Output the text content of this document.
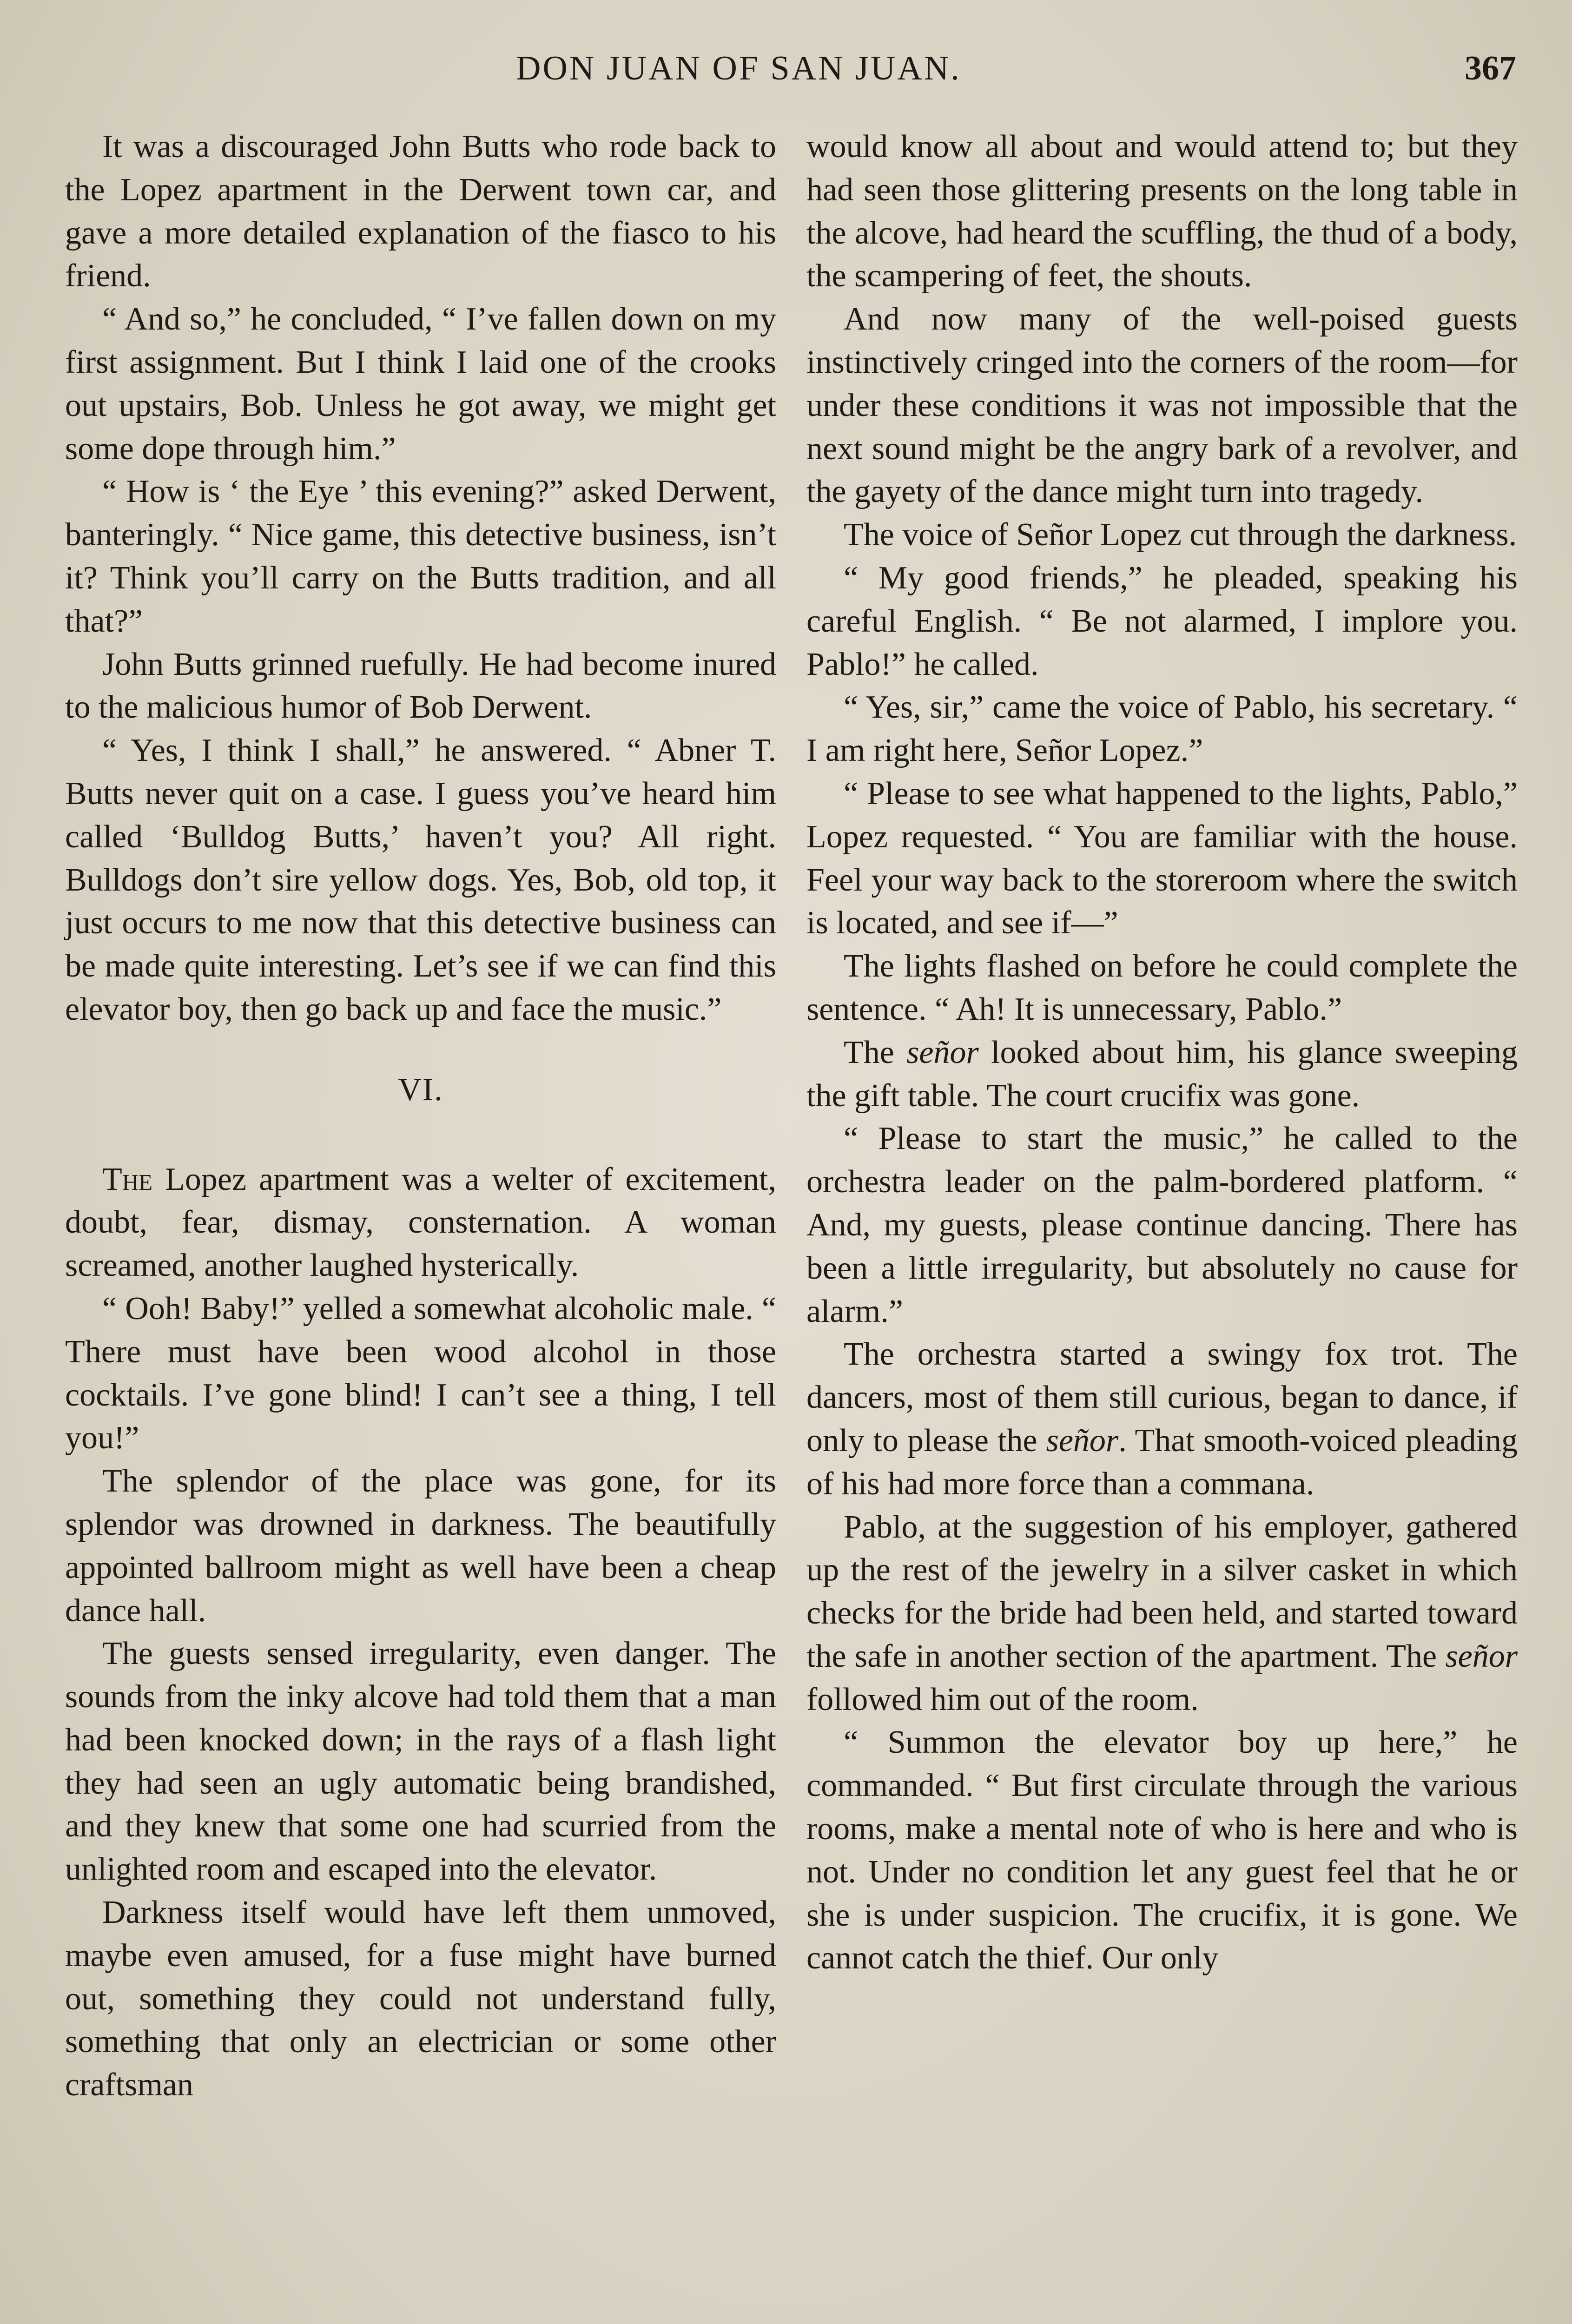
DON JUAN OF SAN JUAN.	367

It was a discouraged John Butts who rode back to the Lopez apartment in the Derwent town car, and gave a more detailed explanation of the fiasco to his friend.

“ And so,” he concluded, “ I’ve fallen down on my first assignment. But I think I laid one of the crooks out upstairs, Bob. Unless he got away, we might get some dope through him.”

“ How is ‘ the Eye ’ this evening?” asked Derwent, banteringly. “ Nice game, this detective business, isn’t it? Think you’ll carry on the Butts tradition, and all that?”

John Butts grinned ruefully. He had become inured to the malicious humor of Bob Derwent.

“ Yes, I think I shall,” he answered. “ Abner T. Butts never quit on a case. I guess you’ve heard him called ‘Bulldog Butts,’ haven’t you? All right. Bulldogs don’t sire yellow dogs. Yes, Bob, old top, it just occurs to me now that this detective business can be made quite interesting. Let’s see if we can find this elevator boy, then go back up and face the music.”

VI.

The Lopez apartment was a welter of excitement, doubt, fear, dismay, consternation. A woman screamed, another laughed hysterically.

“ Ooh! Baby!” yelled a somewhat alcoholic male. “ There must have been wood alcohol in those cocktails. I’ve gone blind! I can’t see a thing, I tell you!”

The splendor of the place was gone, for its splendor was drowned in darkness. The beautifully appointed ballroom might as well have been a cheap dance hall.

The guests sensed irregularity, even danger. The sounds from the inky alcove had told them that a man had been knocked down; in the rays of a flash light they had seen an ugly automatic being brandished, and they knew that some one had scurried from the unlighted room and escaped into the elevator.

Darkness itself would have left them unmoved, maybe even amused, for a fuse might have burned out, something they could not understand fully, something that only an electrician or some other craftsman

would know all about and would attend to; but they had seen those glittering presents on the long table in the alcove, had heard the scuffling, the thud of a body, the scampering of feet, the shouts.

And now many of the well-poised guests instinctively cringed into the corners of the room—for under these conditions it was not impossible that the next sound might be the angry bark of a revolver, and the gayety of the dance might turn into tragedy.

The voice of Señor Lopez cut through the darkness.

“ My good friends,” he pleaded, speaking his careful English. “ Be not alarmed, I implore you. Pablo!” he called.

“ Yes, sir,” came the voice of Pablo, his secretary. “ I am right here, Señor Lopez.”

“ Please to see what happened to the lights, Pablo,” Lopez requested. “ You are familiar with the house. Feel your way back to the storeroom where the switch is located, and see if—”

The lights flashed on before he could complete the sentence. “ Ah! It is unnecessary, Pablo.”

The señor looked about him, his glance sweeping the gift table. The court crucifix was gone.

“ Please to start the music,” he called to the orchestra leader on the palm-bordered platform. “ And, my guests, please continue dancing. There has been a little irregularity, but absolutely no cause for alarm.”

The orchestra started a swingy fox trot. The dancers, most of them still curious, began to dance, if only to please the señor. That smooth-voiced pleading of his had more force than a commana.

Pablo, at the suggestion of his employer, gathered up the rest of the jewelry in a silver casket in which checks for the bride had been held, and started toward the safe in another section of the apartment. The señor followed him out of the room.

“ Summon the elevator boy up here,” he commanded. “ But first circulate through the various rooms, make a mental note of who is here and who is not. Under no condition let any guest feel that he or she is under suspicion. The crucifix, it is gone. We cannot catch the thief. Our only
